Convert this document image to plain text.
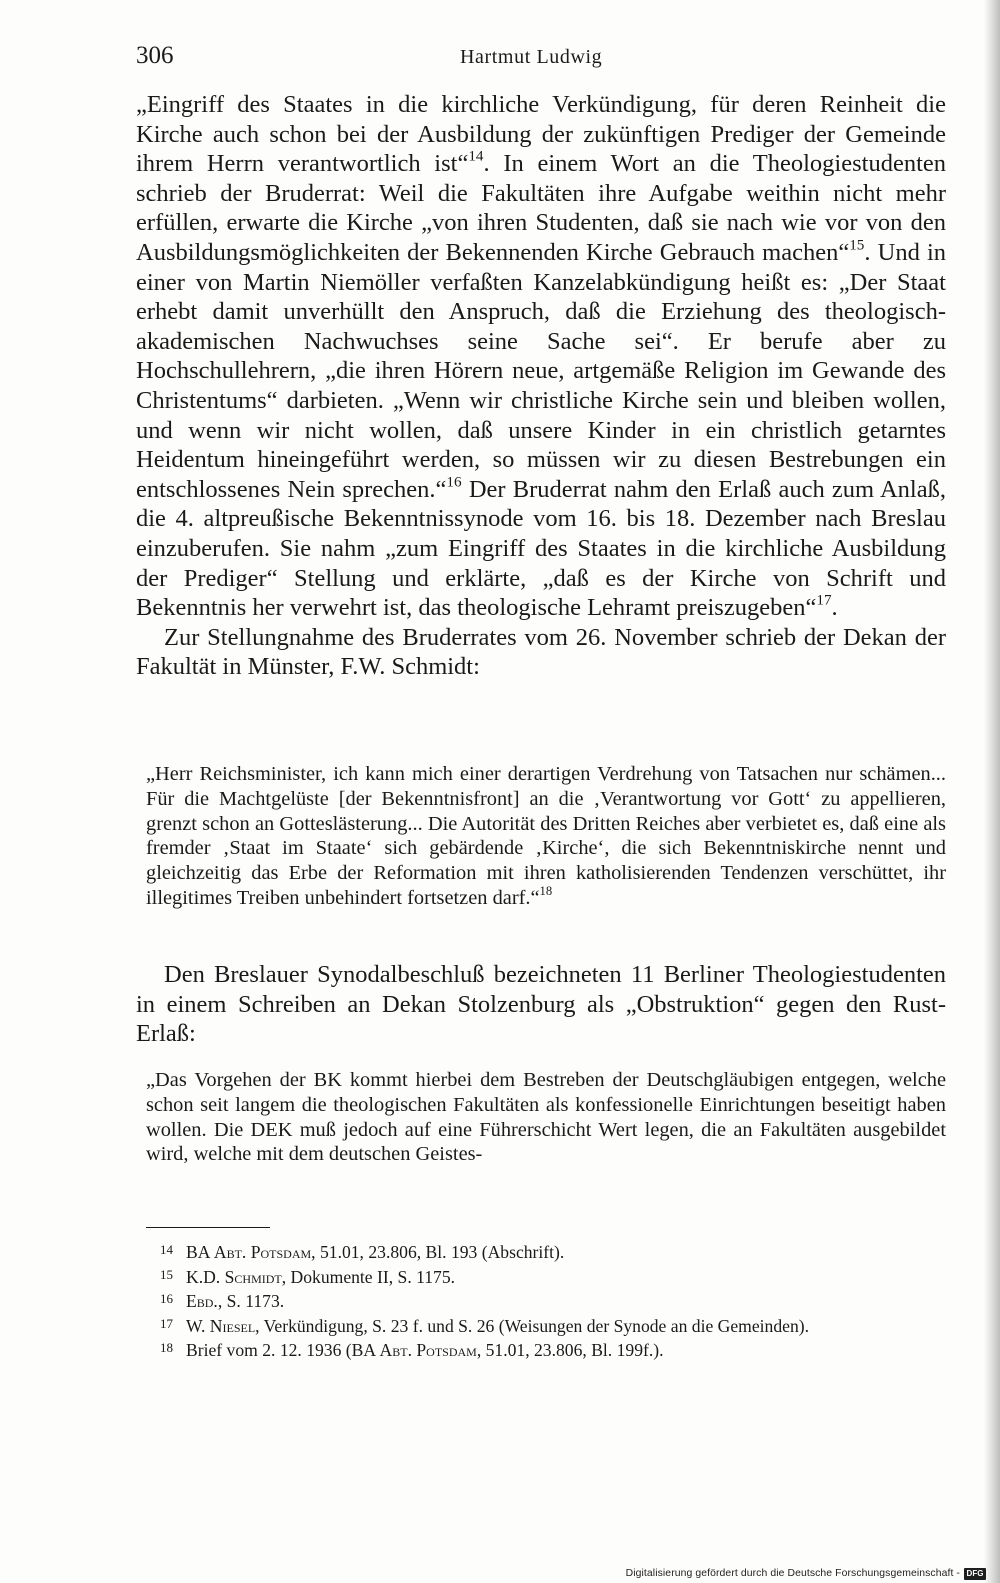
306	Hartmut Ludwig

„Eingriff des Staates in die kirchliche Verkündigung, für deren Reinheit die Kirche auch schon bei der Ausbildung der zukünftigen Prediger der Gemeinde ihrem Herrn verantwortlich ist“$^{14}$. In einem Wort an die Theologiestudenten schrieb der Bruderrat: Weil die Fakultäten ihre Aufgabe weithin nicht mehr erfüllen, erwarte die Kirche „von ihren Studenten, daß sie nach wie vor von den Ausbildungsmöglichkeiten der Bekennenden Kirche Gebrauch machen“$^{15}$. Und in einer von Martin Niemöller verfaßten Kanzelabkündigung heißt es: „Der Staat erhebt damit unverhüllt den Anspruch, daß die Erziehung des theologisch-akademischen Nachwuchses seine Sache sei“. Er berufe aber zu Hochschullehrern, „die ihren Hörern neue, artgemäße Religion im Gewande des Christentums“ darbieten. „Wenn wir christliche Kirche sein und bleiben wollen, und wenn wir nicht wollen, daß unsere Kinder in ein christlich getarntes Heidentum hineingeführt werden, so müssen wir zu diesen Bestrebungen ein entschlossenes Nein sprechen.“$^{16}$ Der Bruderrat nahm den Erlaß auch zum Anlaß, die 4. altpreußische Bekenntnissynode vom 16. bis 18. Dezember nach Breslau einzuberufen. Sie nahm „zum Eingriff des Staates in die kirchliche Ausbildung der Prediger“ Stellung und erklärte, „daß es der Kirche von Schrift und Bekenntnis her verwehrt ist, das theologische Lehramt preiszugeben“$^{17}$.

Zur Stellungnahme des Bruderrates vom 26. November schrieb der Dekan der Fakultät in Münster, F.W. Schmidt:

„Herr Reichsminister, ich kann mich einer derartigen Verdrehung von Tatsachen nur schämen... Für die Machtgelüste [der Bekenntnisfront] an die ‚Verantwortung vor Gott‘ zu appellieren, grenzt schon an Gotteslästerung... Die Autorität des Dritten Reiches aber verbietet es, daß eine als fremder ‚Staat im Staate‘ sich gebärdende ‚Kirche‘, die sich Bekenntniskirche nennt und gleichzeitig das Erbe der Reformation mit ihren katholisierenden Tendenzen verschüttet, ihr illegitimes Treiben unbehindert fortsetzen darf.“$^{18}$

Den Breslauer Synodalbeschluß bezeichneten 11 Berliner Theologiestudenten in einem Schreiben an Dekan Stolzenburg als „Obstruktion“ gegen den Rust-Erlaß:

„Das Vorgehen der BK kommt hierbei dem Bestreben der Deutschgläubigen entgegen, welche schon seit langem die theologischen Fakultäten als konfessionelle Einrichtungen beseitigt haben wollen. Die DEK muß jedoch auf eine Führerschicht Wert legen, die an Fakultäten ausgebildet wird, welche mit dem deutschen Geistes-

14 BA Abt. Potsdam, 51.01, 23.806, Bl. 193 (Abschrift).
15 K.D. Schmidt, Dokumente II, S. 1175.
16 Ebd., S. 1173.
17 W. Niesel, Verkündigung, S. 23 f. und S. 26 (Weisungen der Synode an die Gemeinden).
18 Brief vom 2. 12. 1936 (BA Abt. Potsdam, 51.01, 23.806, Bl. 199f.).
Digitalisierung gefördert durch die Deutsche Forschungsgemeinschaft - DFG
